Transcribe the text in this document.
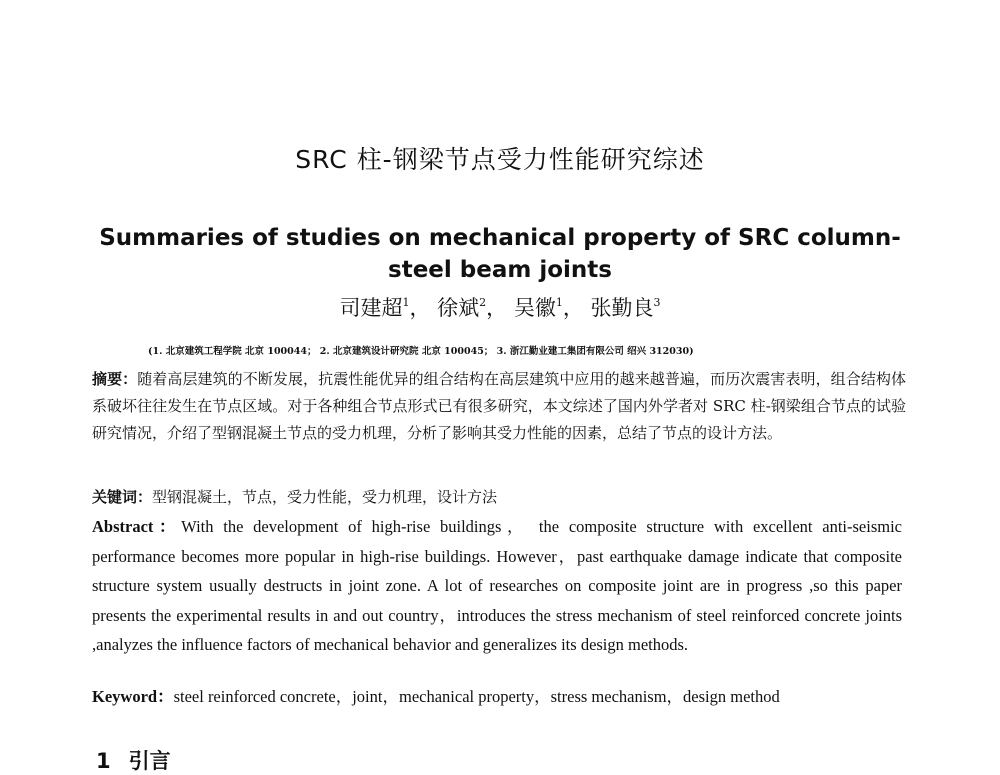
SRC 柱-钢梁节点受力性能研究综述
Summaries of studies on mechanical property of SRC column-steel beam joints
司建超$^1$， 徐斌$^2$， 吴徽$^1$， 张勤良$^3$
(1. 北京建筑工程学院 北京 100044； 2. 北京建筑设计研究院 北京 100045； 3. 浙江勤业建工集团有限公司 绍兴 312030)
摘要：随着高层建筑的不断发展，抗震性能优异的组合结构在高层建筑中应用的越来越普遍，而历次震害表明，组合结构体系破坏往往发生在节点区域。对于各种组合节点形式已有很多研究，本文综述了国内外学者对 SRC 柱-钢梁组合节点的试验研究情况，介绍了型钢混凝土节点的受力机理，分析了影响其受力性能的因素，总结了节点的设计方法。
关键词：型钢混凝土，节点，受力性能，受力机理，设计方法
Abstract：With the development of high-rise buildings， the composite structure with excellent anti-seismic performance becomes more popular in high-rise buildings. However，past earthquake damage indicate that composite structure system usually destructs in joint zone. A lot of researches on composite joint are in progress ,so this paper presents the experimental results in and out country，introduces the stress mechanism of steel reinforced concrete joints ,analyzes the influence factors of mechanical behavior and generalizes its design methods.
Keyword：steel reinforced concrete，joint，mechanical property，stress mechanism，design method
1 引言
